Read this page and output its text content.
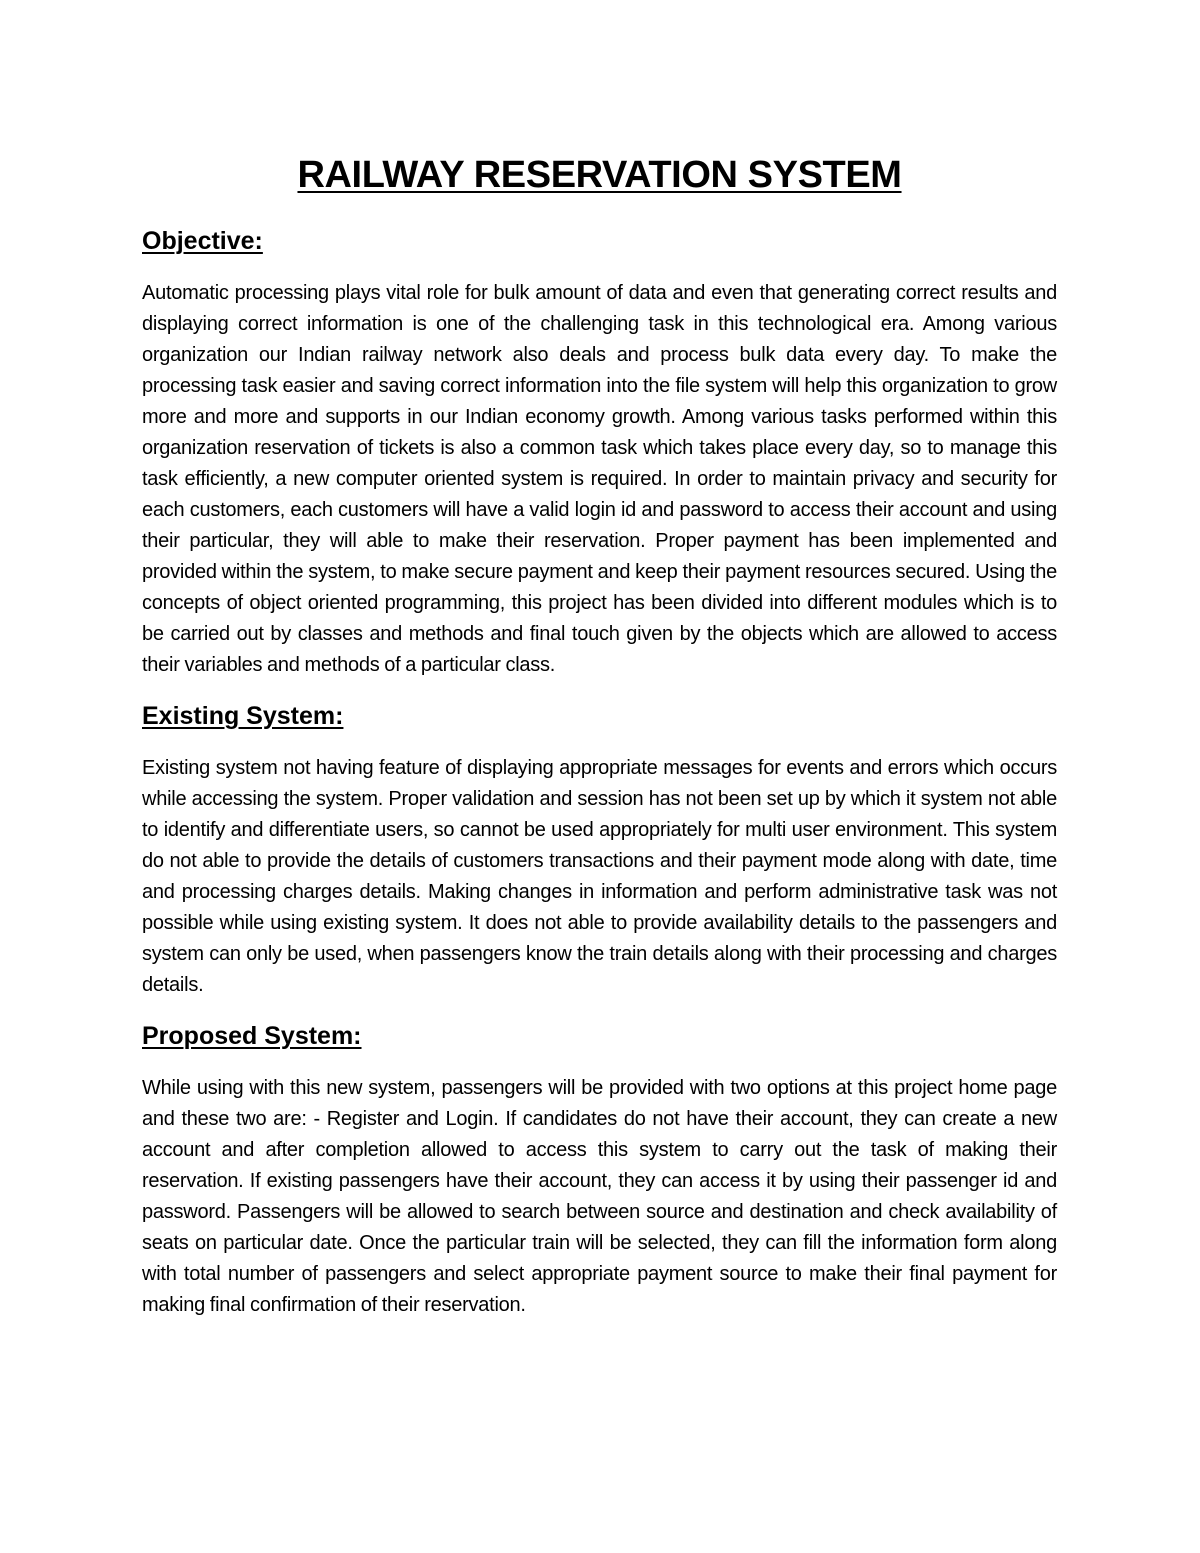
RAILWAY RESERVATION SYSTEM
Objective:

Automatic processing plays vital role for bulk amount of data and even that generating correct results and displaying correct information is one of the challenging task in this technological era. Among various organization our Indian railway network also deals and process bulk data every day. To make the processing task easier and saving correct information into the file system will help this organization to grow more and more and supports in our Indian economy growth. Among various tasks performed within this organization reservation of tickets is also a common task which takes place every day, so to manage this task efficiently, a new computer oriented system is required. In order to maintain privacy and security for each customers, each customers will have a valid login id and password to access their account and using their particular, they will able to make their reservation. Proper payment has been implemented and provided within the system, to make secure payment and keep their payment resources secured. Using the concepts of object oriented programming, this project has been divided into different modules which is to be carried out by classes and methods and final touch given by the objects which are allowed to access their variables and methods of a particular class.

Existing System:

Existing system not having feature of displaying appropriate messages for events and errors which occurs while accessing the system. Proper validation and session has not been set up by which it system not able to identify and differentiate users, so cannot be used appropriately for multi user environment. This system do not able to provide the details of customers transactions and their payment mode along with date, time and processing charges details. Making changes in information and perform administrative task was not possible while using existing system. It does not able to provide availability details to the passengers and system can only be used, when passengers know the train details along with their processing and charges details.

Proposed System:

While using with this new system, passengers will be provided with two options at this project home page and these two are: - Register and Login. If candidates do not have their account, they can create a new account and after completion allowed to access this system to carry out the task of making their reservation. If existing passengers have their account, they can access it by using their passenger id and password. Passengers will be allowed to search between source and destination and check availability of seats on particular date. Once the particular train will be selected, they can fill the information form along with total number of passengers and select appropriate payment source to make their final payment for making final confirmation of their reservation.
